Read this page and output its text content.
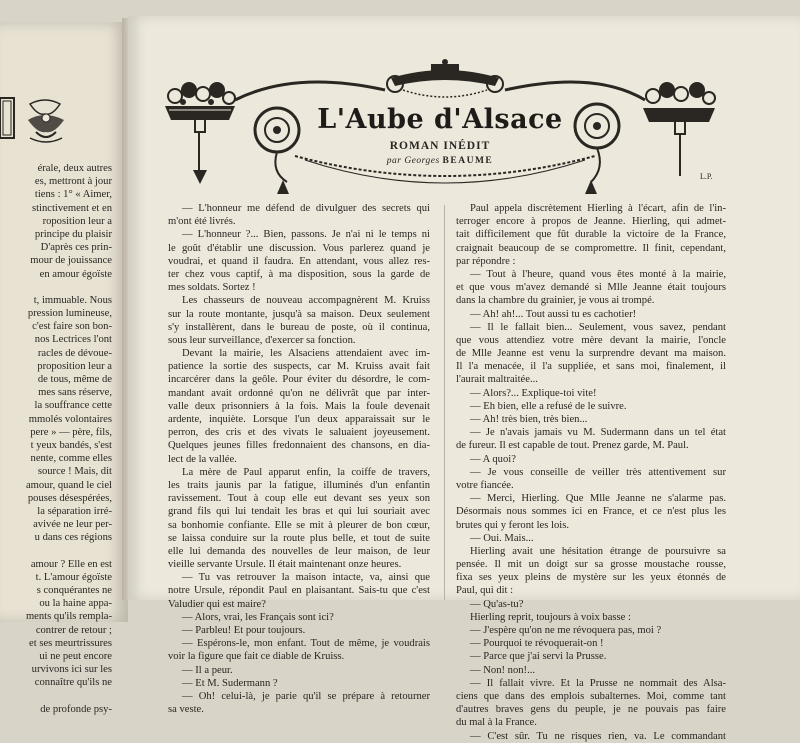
érale, deux autres
es, mettront à jour
tiens : 1° « Aimer,
stinctivement et en
roposition leur a
principe du plaisir
D'après ces prin-
mour de jouissance
en amour égoïste
t, immuable. Nous
pression lumineuse,
c'est faire son bon-
nos Lectrices l'ont
racles de dévoue-
proposition leur a
de tous, même de
mes sans réserve,
la souffrance cette
mmolés volontaires
pere » — père, fils,
t yeux bandés, s'est
nente, comme elles
source ! Mais, dit
amour, quand le ciel
pouses désespérées,
la séparation irré-
avivée ne leur per-
u dans ces régions
amour ? Elle en est
t. L'amour égoïste
s conquérantes ne
ou la haine appa-
ments qu'ils rempla-
contrer de retour ;
et ses meurtrissures
ui ne peut encore
urvivons ici sur les
connaître qu'ils ne
de profonde psy-
L'Aube d'Alsace
ROMAN INÉDIT
par Georges BEAUME
L.P.
— L'honneur me défend de divulguer des secrets qui
m'ont été livrés.
— L'honneur ?... Bien, passons. Je n'ai ni le temps ni
le goût d'établir une discussion. Vous parlerez quand je
voudrai, et quand il faudra. En attendant, vous allez res-
ter chez vous captif, à ma disposition, sous la garde de
mes soldats. Sortez !
Les chasseurs de nouveau accompagnèrent M. Kruiss
sur la route montante, jusqu'à sa maison. Deux seulement
s'y installèrent, dans le bureau de poste, où il continua,
sous leur surveillance, d'exercer sa fonction.
Devant la mairie, les Alsaciens attendaient avec im-
patience la sortie des suspects, car M. Kruiss avait fait
incarcérer dans la geôle. Pour éviter du désordre, le com-
mandant avait ordonné qu'on ne délivrât que par inter-
valle deux prisonniers à la fois. Mais la foule devenait
ardente, inquiète. Lorsque l'un deux apparaissait sur le
perron, des cris et des vivats le saluaient joyeusement.
Quelques jeunes filles fredonnaient des chansons, en dia-
lect de la vallée.
La mère de Paul apparut enfin, la coiffe de travers,
les traits jaunis par la fatigue, illuminés d'un enfantin
ravissement. Tout à coup elle eut devant ses yeux son
grand fils qui lui tendait les bras et qui lui souriait avec
sa bonhomie confiante. Elle se mit à pleurer de bon cœur,
se laissa conduire sur la route plus belle, et tout de suite
elle lui demanda des nouvelles de leur maison, de leur
vieille servante Ursule. Il était maintenant onze heures.
— Tu vas retrouver la maison intacte, va, ainsi que
notre Ursule, répondit Paul en plaisantant. Sais-tu que c'est
Valudier qui est maire?
— Alors, vrai, les Français sont ici?
— Parbleu! Et pour toujours.
— Espérons-le, mon enfant. Tout de même, je voudrais
voir la figure que fait ce diable de Kruiss.
— Il a peur.
— Et M. Sudermann ?
— Oh! celui-là, je parie qu'il se prépare à retourner
sa veste.
Paul appela discrètement Hierling à l'écart, afin de l'in-
terroger encore à propos de Jeanne. Hierling, qui admet-
tait difficilement que fût durable la victoire de la France,
craignait beaucoup de se compromettre. Il finit, cependant,
par répondre :
— Tout à l'heure, quand vous êtes monté à la mairie,
et que vous m'avez demandé si Mlle Jeanne était toujours
dans la chambre du grainier, je vous ai trompé.
— Ah! ah!... Tout aussi tu es cachotier!
— Il le fallait bien... Seulement, vous savez, pendant
que vous attendiez votre mère devant la mairie, l'oncle
de Mlle Jeanne est venu la surprendre devant ma maison.
Il l'a menacée, il l'a suppliée, et sans moi, finalement, il
l'aurait maltraitée...
— Alors?... Explique-toi vite!
— Eh bien, elle a refusé de le suivre.
— Ah! très bien, très bien...
— Je n'avais jamais vu M. Sudermann dans un tel état
de fureur. Il est capable de tout. Prenez garde, M. Paul.
— A quoi?
— Je vous conseille de veiller très attentivement sur
votre fiancée.
— Merci, Hierling. Que Mlle Jeanne ne s'alarme pas.
Désormais nous sommes ici en France, et ce n'est plus les
brutes qui y feront les lois.
— Oui. Mais...
Hierling avait une hésitation étrange de poursuivre sa
pensée. Il mit un doigt sur sa grosse moustache rousse,
fixa ses yeux pleins de mystère sur les yeux étonnés de
Paul, qui dit :
— Qu'as-tu?
Hierling reprit, toujours à voix basse :
— J'espère qu'on ne me révoquera pas, moi ?
— Pourquoi te révoquerait-on !
— Parce que j'ai servi la Prusse.
— Non! non!...
— Il fallait vivre. Et la Prusse ne nommait des Alsa-
ciens que dans des emplois subalternes. Moi, comme tant
d'autres braves gens du peuple, je ne pouvais pas faire
du mal à la France.
— C'est sûr. Tu ne risques rien, va. Le commandant
